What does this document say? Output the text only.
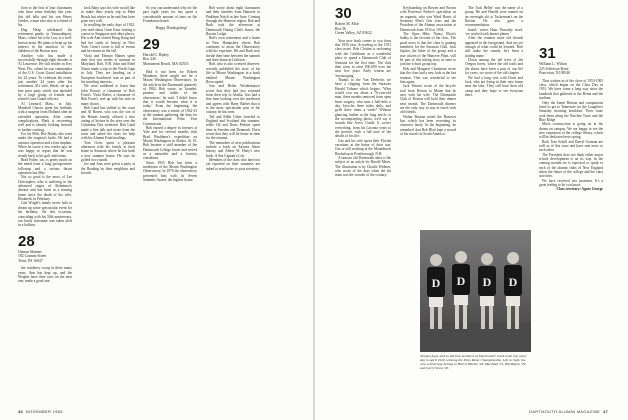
born to the first of four classmates who have some birthday this year, this old fella and his son Henry Gerdes, a man who also is a friend of his.

Dug Heap celebrated his retirement gently in Yarmouthport, Mass., where his wife, Lou, is a well-known artist. He plans to keep up his interest in the nutrition of the children of the Boston area.

Another who has made it successfully through eight decades is Al Lawrence. He still resides in Key West, Fla., where he was commander of the U.S. Coast Guard installation for 24 years. To celebrate his event, just another 24 years after his retirement, Al's wife, Hazel, set up a fine prior party which was attended by a large group of friends and retired Coast Guard officers.

Al Leonard, Mass., in July. Marshall Chaves spent his birthday with a surgeon from Holland after an extended operation. After some complications, Mark is recovering well and is already looking forward to further cruising.

For his 80th, Dee Hattey also went under the surgeon's knife. He had a cataract operation and a lens implant. When he wrote a few weeks ago, he was happy to report that he was steady back to his golf and tennis.

Brad Fuller, too, is pretty much on the mend from a long postoperative followup and a serious throat operation last May.

Not so good is the news of Lee Christopher, who is suffering in the advanced stages of Alzheimer's disease and has been in a nursing home since the death of his wife, Elizabeth, in February.

Carl Wright's family never fails to dream up some spectacular event for his birthday. On this occasion, coinciding with his 50th anniversary, our hardy classmate was taken aloft in a balloon.

28
Osmun Skinner
182 Cannon Street
Trent, PA 16847

the cranberry scoop in these many years. Ann has kept up, and the Wrights have their eyes on the next one, made a good one.

Jack Batty says his wife would like to make their yearly trip to Palm Beach last winter as he and Ann have gone very well.

In recalling the early days of 1932, you read about Gene Katz visiting a course in Singapore and other places. His wife Ann visited Hong Kong and had her study of history in New York. Gene's roster is full of events and he returns in the fall.

Viola and Eleanor Haines spent their first two weeks of summer in Maryland. Rob, N.H. John and Ethel Nixon made a trip to the North Cape in July. They are heading on a European Southwest tour as part of his traveling interests.

We were saddened to learn that John Prouse, a classmate of Rob Fourt's. Viola Reiter, a classmate of Bob Fourt's, met up with his wife in many shows.

Bob Lund has shifted to the coast and Al Rosen, who was the son of the Haines family, offered a nice outing of lecture in the area over the Columbus Day weekend. Bob Lund made a fine talk and wrote from the town and asked the class for help with his Alumni Fund mailings.

Tom Geiss spent a pleasant afternoon with his family at their home in Sarasota where he has built a new summer house. He says he golfed two rounds.

Joe and Ann were given a party at the Reading by their neighbors and friends.

So you can understand why for the past eight years for has spent a considerable amount of time on the Foundation board.

Happy Thanksgiving!

29
Harold C. Ripley
Box 246
Monument Beach, MA 02553

Had it not been for Robert Monahan, there might not be a Mount Washington Observatory. In the article in the Dartmouth quarterly of 1982, Bob wrote, as 'founder, pioneer and father of the observatory,' he said, 'I didn't know that it would become what it is today.' From the beginning, the observatory was a winter of 1932-33 at the summit gathering the data for the International Polar Year Commission.

Bob earned a degree in forestry at Yale and for several months with Brad Washburn's expedition on Mount Washington in Alaska. At 19, Bob became a staff member of the Dartmouth College forest and served as a naturalist and a forestry consultant.

Since 1955 Bob has been a moderator of the Mount Washington Observatory. In 1976 the observatory presented him with its Seven Summits Award, the highest honor.

Bob wrote about eight classmates and their families from Hanover to Pinkham Notch in late June. Coming through the Hanover region, Bob and Ruth took the afternoon at Dartmouth Outing Club's house, the Ravine Lodge.

Bob's own retirement and a home in New Hampshire where Bob continues to assist the Observatory with his expertise. He and Ruth now divide their time between the summit and their home in Littleton.

Bob, who is also a retired observer, recently published the story of his life at Mount Washington in a book entitled Mount Washington Reoccupied.

Gus and Helen Weidenmayer wrote that they had just returned from their trip to Alaska. Gus had a fine time looking over the northwest and agrees with Harry Barber that it is the most spectacular part of the country he has seen.

Ted and Edith Usher traveled to England and Scotland this summer, while Gil and Doris Perkins spent time in Sweden and Denmark. Doris wrote that they will be home in time for the reunion.

The reminders of new publications include a book on Eastern Shore history and Albert W. Huey's new book, A Sea Captain's Life.

Members of the class who have not yet reported on their summers are asked to send notes to your secretary.

46 NOVEMBER 1983
30
Robert M. Mair
Box 56
Green Valley, AZ 85622

Your new book comes to you from this 1930 year. According to the 1931 class notes. Bob Chittim is reckoning with the Caribbean as a wonderful place to spend a Dartmouth Club of Sarasota for the first time. The club then went to raise $30,000 over the next five years. Early returns are 'encouraging'.

Thanks to the Van Derbecks we have a clipping from the Sarasota Herald Tribune which begins: 'What would you say about a 76-year-old man, three months removed from open heart surgery, who runs a half-mile a day, bicycles three miles daily, and golfs three times a week?' Without glancing further at the long article or the accompanying photo, we'd say it sounds like Avery Gould. It covers everything, from his Laconia years to the present, with a full note of the details of his life.

Gus and his wife spent their Florida vacations at the home of their son. Gus is still working at the Monadnock Bookshop in Peterborough, N.H.

A famous old Dartmouth skier is the subject of an article by Harold Meier. The illustration is by Charlie Widmer, who wrote of the days when the ski team was the wonder of the country.

Keyboarding on Bowen and Brown with Professor Parker's specialists as an organist, who was Ward Harris of Swanzey Men's first class and the President of the Alumni association at Dartmouth from 1933 to 1934.

The Open Hike, Nancy Eliott's hobby is the favorite of the class. The good news is that the class is gaining members for the Sarasota Club. Jack Jupiter, the hiker of the group and a true citizen of the Hanover Plain, will be part of this hiking story in time to join the school group trip.

Hob and Margaret Christman wrote that the class had a new look at the last reunion. That was wonderful to see him again.

Jack Warren wrote of the bicycle trail from Boston to Maine that he uses with his wife. The Dartmouth Club of Boston will hold their dinner next month. The Dartmouth dinners are the only way to stay in touch with old friends.

Walter Bastian noted the Hanover Inn, which has been recreating its character lately. In the beginning, he remarked, that Bob Blair kept a record of his travels in South America.

The 'Jack Heller' was the name of a group. He and Harold were named on an overnight ski at Tuckerman's on the Ravine. He also gave a recommendation.

board,' writes Haas Thursday word, 'we worked with hornet planes.'

After the reunion more old friends appeared in the foreground. And not yet enough of what could be learned. 'Bob still make the rounds, he's been a trading name.'

Down among the tall trees of the Oregon forest, where the old trails and the skiers have been a part of our life for years, we wrote of the old chapter.

We had a long visit with Doris and Jack, who are living in their new home near the lake. They still have their old camp and they hope to see everyone there.

31
William L. Wilson
225 Jefferson Road
Princeton, NJ 08540

Thus written as of the close of 1953-1983 class, which began on the Class Day in 1931. We have come a long way since the hundreds that gathered at the Bema and the stadium.

Only the Jamie Benson and companions fared to get to Tennessee for the Laughlin's Saturday morning breakfast. Their route took them along the Natchez Trace and the Blue Ridge.

Much construction is going on in the dorms on campus. We are happy to see the new expansion of the college library, which will be dedicated next spring.

Both Tom Scholl and Darryl Gorman are well as of this issue and have sent news to each other.

The President does not think either major school development is on its way. In the coming months he is expected to speak to each of the alumni clubs of New England about the future of the college and the class activities.

We have received two promises. It's a great feeling to let you know.

Class secretary: Agnes George

DARTMOUTH ALUMNI MAGAZINE 47
D D D D
Tempus fugit, and so did four members of Dartmouth's track team one rainy day in April 1929, winning the Penn Relay Championship. Left to right, the now-retired legs belong to Harris Harlan '28, Mal Platt '31, Hal Ripley '29, and Gerry Snow '29.
